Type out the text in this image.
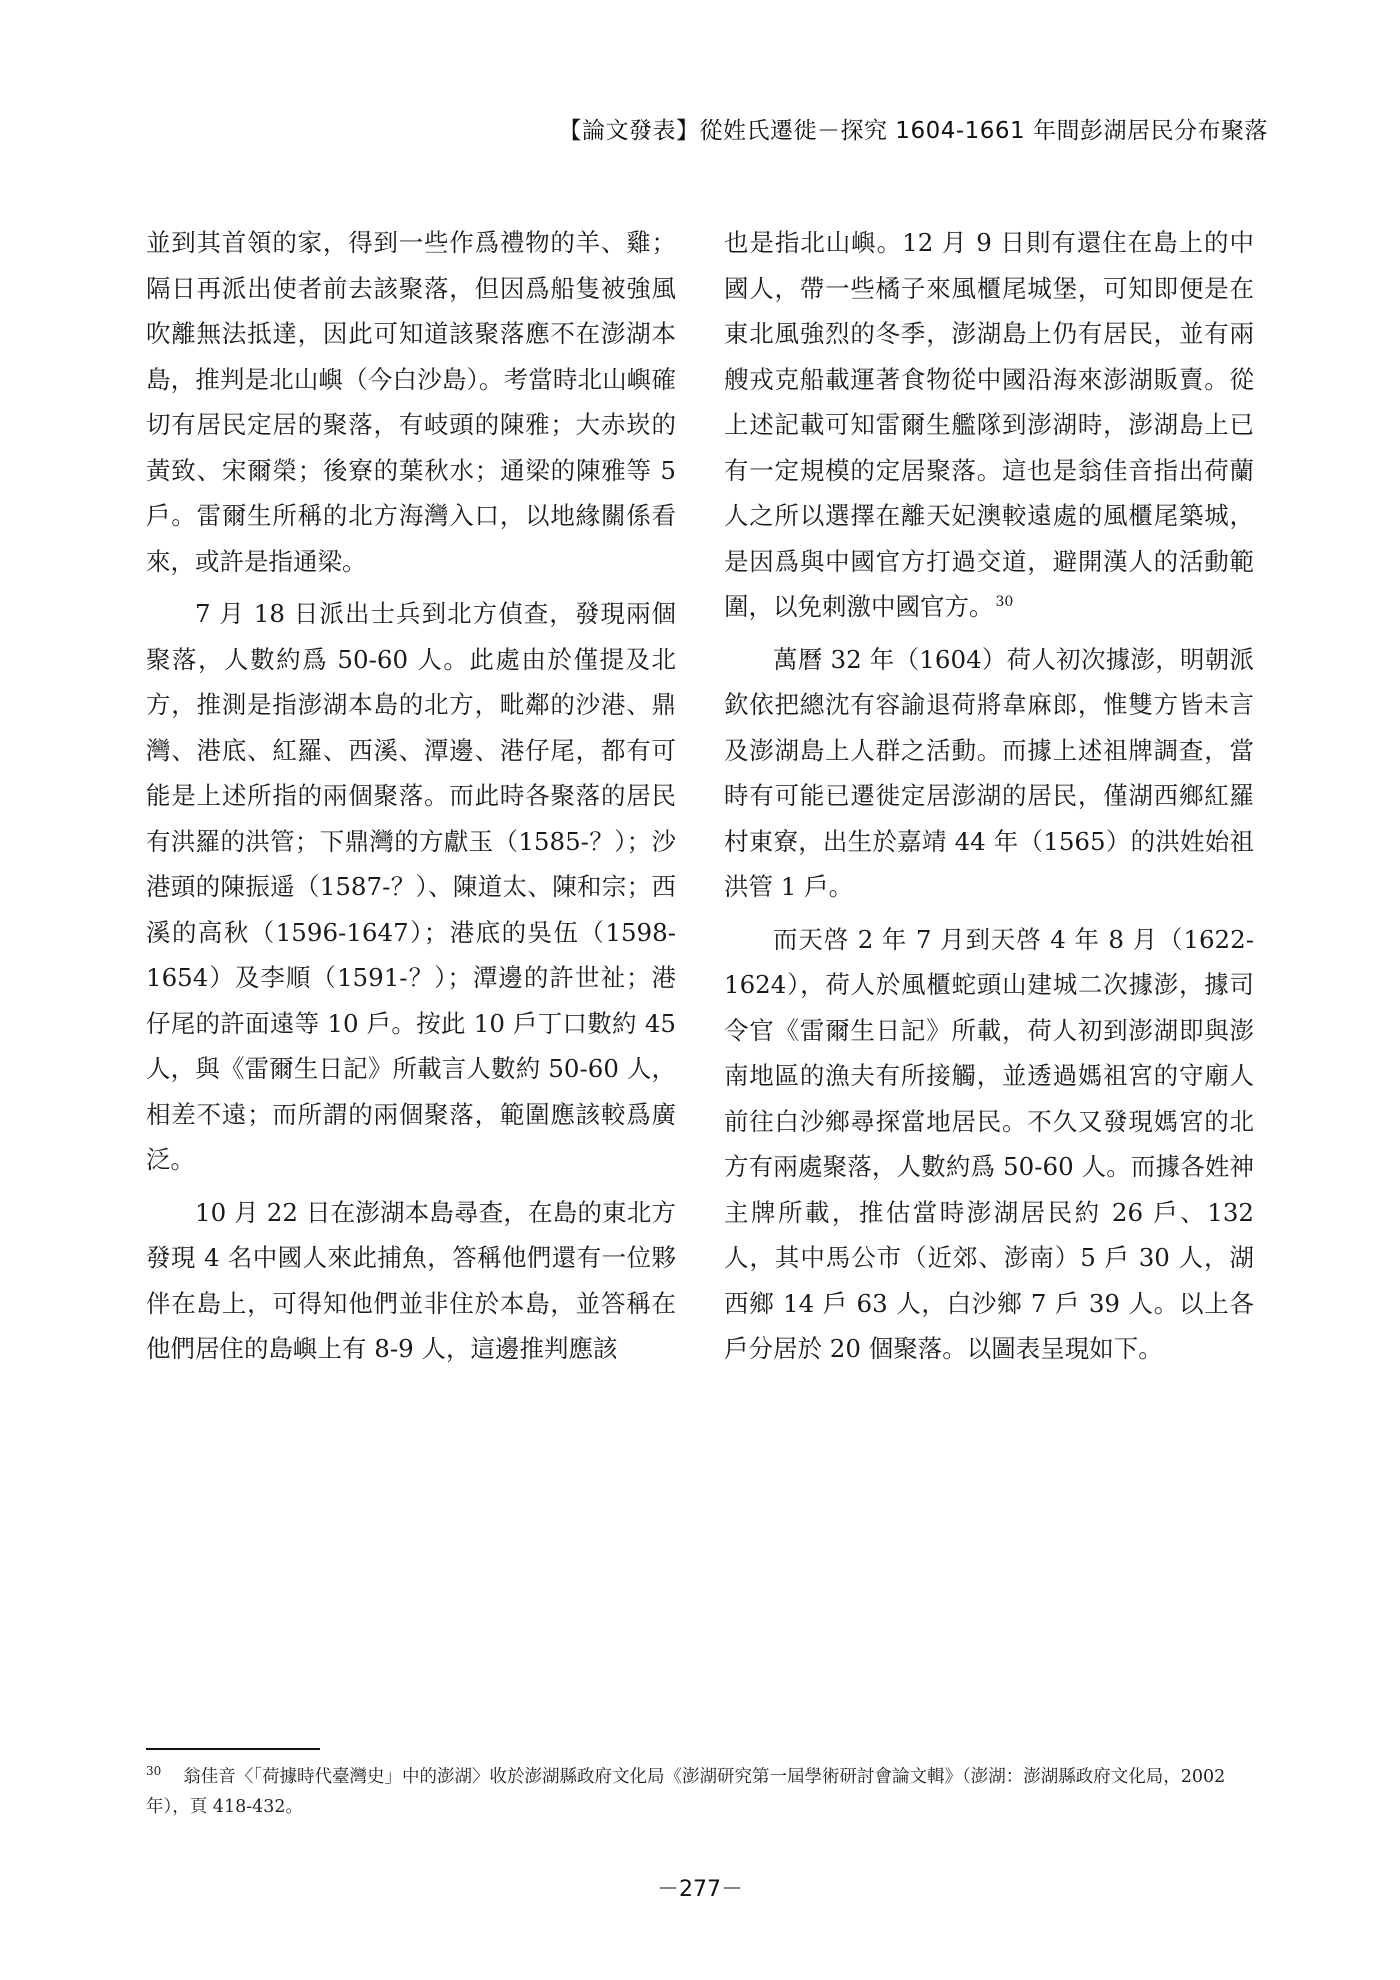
【論文發表】從姓氏遷徙－探究 1604-1661 年間彭湖居民分布聚落

並到其首領的家，得到一些作爲禮物的羊、雞；隔日再派出使者前去該聚落，但因爲船隻被強風吹離無法抵達，因此可知道該聚落應不在澎湖本島，推判是北山嶼（今白沙島）。考當時北山嶼確切有居民定居的聚落，有岐頭的陳雅；大赤崁的黃致、宋爾榮；後寮的葉秋水；通梁的陳雅等 5 戶。雷爾生所稱的北方海灣入口，以地緣關係看來，或許是指通梁。

7 月 18 日派出士兵到北方偵查，發現兩個聚落，人數約爲 50-60 人。此處由於僅提及北方，推測是指澎湖本島的北方，毗鄰的沙港、鼎灣、港底、紅羅、西溪、潭邊、港仔尾，都有可能是上述所指的兩個聚落。而此時各聚落的居民有洪羅的洪管；下鼎灣的方獻玉（1585-？）；沙港頭的陳振遥（1587-？）、陳道太、陳和宗；西溪的高秋（1596-1647）；港底的吳伍（1598-1654）及李順（1591-？）；潭邊的許世祉；港仔尾的許面遠等 10 戶。按此 10 戶丁口數約 45 人，與《雷爾生日記》所載言人數約 50-60 人，相差不遠；而所謂的兩個聚落，範圍應該較爲廣泛。

10 月 22 日在澎湖本島尋查，在島的東北方發現 4 名中國人來此捕魚，答稱他們還有一位夥伴在島上，可得知他們並非住於本島，並答稱在他們居住的島嶼上有 8-9 人，這邊推判應該

也是指北山嶼。12 月 9 日則有還住在島上的中國人，帶一些橘子來風櫃尾城堡，可知即便是在東北風強烈的冬季，澎湖島上仍有居民，並有兩艘戎克船載運著食物從中國沿海來澎湖販賣。從上述記載可知雷爾生艦隊到澎湖時，澎湖島上已有一定規模的定居聚落。這也是翁佳音指出荷蘭人之所以選擇在離天妃澳較遠處的風櫃尾築城，是因爲與中國官方打過交道，避開漢人的活動範圍，以免刺激中國官方。 $^{30}$

萬曆 32 年（1604）荷人初次據澎，明朝派欽依把總沈有容諭退荷將韋麻郎，惟雙方皆未言及澎湖島上人群之活動。而據上述祖牌調查，當時有可能已遷徙定居澎湖的居民，僅湖西鄉紅羅村東寮，出生於嘉靖 44 年（1565）的洪姓始祖洪管 1 戶。

而天啓 2 年 7 月到天啓 4 年 8 月（1622-1624），荷人於風櫃蛇頭山建城二次據澎，據司令官《雷爾生日記》所載，荷人初到澎湖即與澎南地區的漁夫有所接觸，並透過媽祖宮的守廟人前往白沙鄉尋探當地居民。不久又發現媽宮的北方有兩處聚落，人數約爲 50-60 人。而據各姓神主牌所載，推估當時澎湖居民約 26 戶、132 人，其中馬公市（近郊、澎南）5 戶 30 人，湖西鄉 14 戶 63 人，白沙鄉 7 戶 39 人。以上各戶分居於 20 個聚落。以圖表呈現如下。

$^{30}$ 翁佳音〈「荷據時代臺灣史」中的澎湖〉收於澎湖縣政府文化局《澎湖研究第一屆學術研討會論文輯》（澎湖：澎湖縣政府文化局，2002 年），頁 418-432。
－277－
